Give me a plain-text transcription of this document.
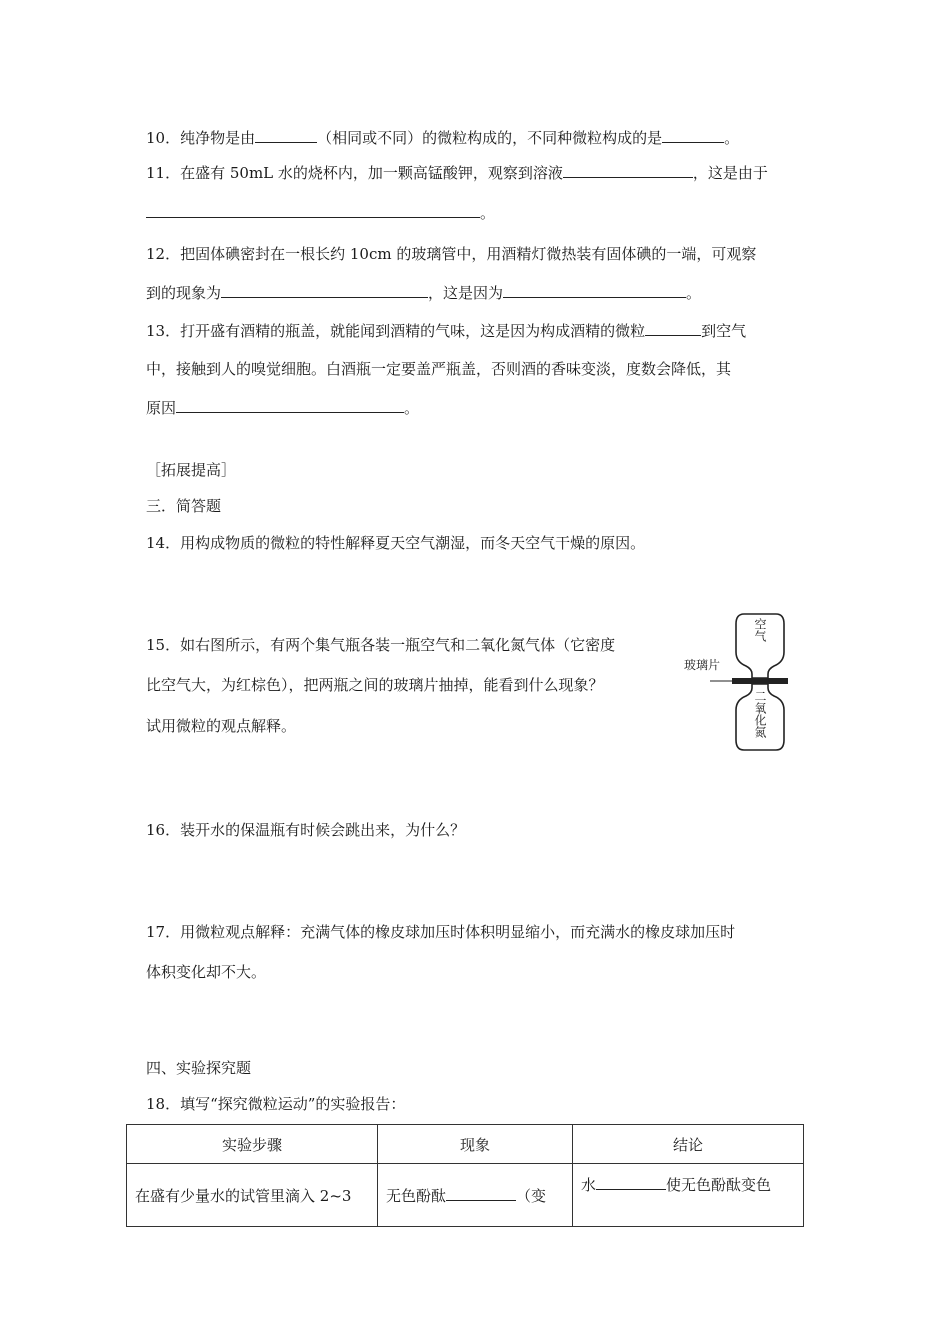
10．纯净物是由	（相同或不同）的微粒构成的，不同种微粒构成的是	。
11．在盛有 50mL 水的烧杯内，加一颗高锰酸钾，观察到溶液	，这是由于
。
12．把固体碘密封在一根长约 10cm 的玻璃管中，用酒精灯微热装有固体碘的一端，可观察
到的现象为	，这是因为	。
13．打开盛有酒精的瓶盖，就能闻到酒精的气味，这是因为构成酒精的微粒	到空气
中，接触到人的嗅觉细胞。白酒瓶一定要盖严瓶盖，否则酒的香味变淡，度数会降低，其
原因	。
［拓展提高］
三．简答题
14．用构成物质的微粒的特性解释夏天空气潮湿，而冬天空气干燥的原因。
15．如右图所示，有两个集气瓶各装一瓶空气和二氧化氮气体（它密度
比空气大，为红棕色），把两瓶之间的玻璃片抽掉，能看到什么现象？
试用微粒的观点解释。
空气
二氧化氮
玻璃片
16．装开水的保温瓶有时候会跳出来，为什么？
17．用微粒观点解释：充满气体的橡皮球加压时体积明显缩小，而充满水的橡皮球加压时
体积变化却不大。
四、实验探究题
18．填写“探究微粒运动”的实验报告：
实验步骤	现象	结论
在盛有少量水的试管里滴入 2~3	无色酚酞 （变	水 使无色酚酞变色
